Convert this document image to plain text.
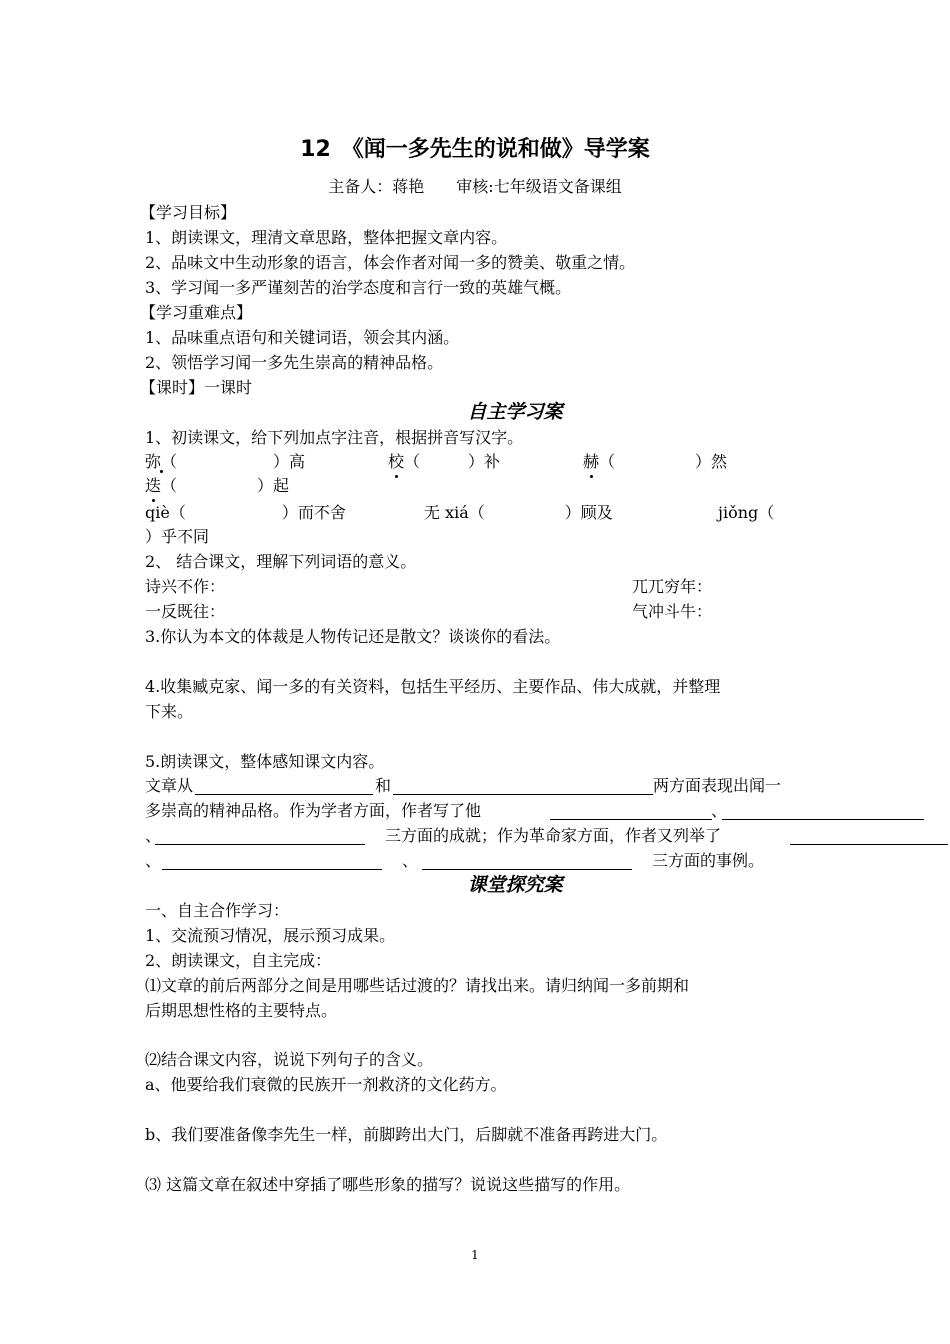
12　《闻一多先生的说和做》导学案
主备人：蒋艳　　审核:七年级语文备课组
【学习目标】
1、朗读课文，理清文章思路，整体把握文章内容。
2、品味文中生动形象的语言，体会作者对闻一多的赞美、敬重之情。
3、学习闻一多严谨刻苦的治学态度和言行一致的英雄气概。
【学习重难点】
1、品味重点语句和关键词语，领会其内涵。
2、领悟学习闻一多先生崇高的精神品格。
【课时】一课时
自主学习案
1、初读课文，给下列加点字注音，根据拼音写汉字。
弥（　　　　　　）高	校（　　　）补	赫（　　　　　）然
迭（　　　　　）起
qiè（　　　　　　）而不舍	无 xiá（　　　　　）顾及	jiǒng（
）乎不同
2、 结合课文，理解下列词语的意义。
诗兴不作：	兀兀穷年：
一反既往：	气冲斗牛：
3.你认为本文的体裁是人物传记还是散文？谈谈你的看法。
4.收集臧克家、闻一多的有关资料，包括生平经历、主要作品、伟大成就，并整理
下来。
5.朗读课文，整体感知课文内容。
文章从	和	两方面表现出闻一
多崇高的精神品格。作为学者方面，作者写了他	、
、	三方面的成就；作为革命家方面，作者又列举了
、	、	三方面的事例。
课堂探究案
一、自主合作学习：
1、交流预习情况，展示预习成果。
2、朗读课文，自主完成：
⑴文章的前后两部分之间是用哪些话过渡的？请找出来。请归纳闻一多前期和
后期思想性格的主要特点。
⑵结合课文内容，说说下列句子的含义。
a、他要给我们衰微的民族开一剂救济的文化药方。
b、我们要准备像李先生一样，前脚跨出大门，后脚就不准备再跨进大门。
⑶ 这篇文章在叙述中穿插了哪些形象的描写？说说这些描写的作用。
1
